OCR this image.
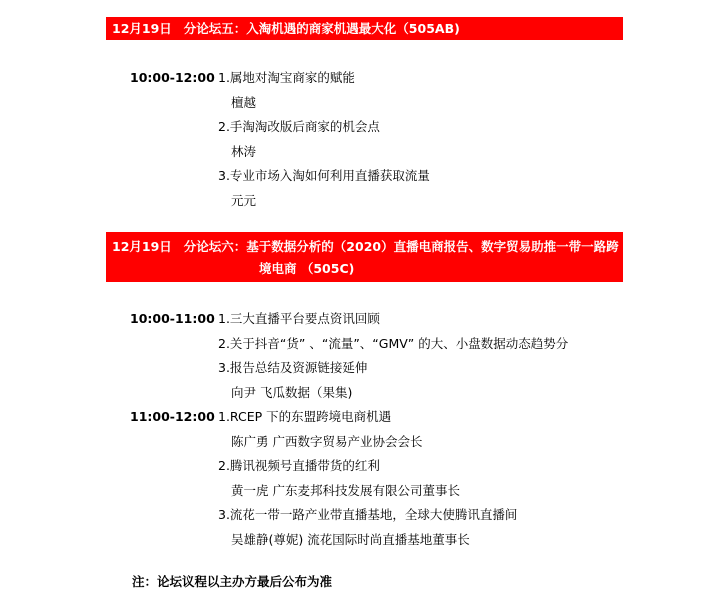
12月19日 分论坛五：入淘机遇的商家机遇最大化（505AB)
10:00-12:00 1.属地对淘宝商家的赋能
檀越
2.手淘淘改版后商家的机会点
林涛
3.专业市场入淘如何利用直播获取流量
元元
12月19日 分论坛六：基于数据分析的（2020）直播电商报告、数字贸易助推一带一路跨
境电商 （505C)
10:00-11:00 1.三大直播平台要点资讯回顾
2.关于抖音“货” 、“流量”、“GMV” 的大、小盘数据动态趋势分
3.报告总结及资源链接延伸
向尹 飞瓜数据（果集)
11:00-12:00 1.RCEP 下的东盟跨境电商机遇
陈广勇 广西数字贸易产业协会会长
2.腾讯视频号直播带货的红利
黄一虎 广东麦邦科技发展有限公司董事长
3.流花一带一路产业带直播基地，全球大使腾讯直播间
吴雄静(尊妮) 流花国际时尚直播基地董事长
注：论坛议程以主办方最后公布为准
